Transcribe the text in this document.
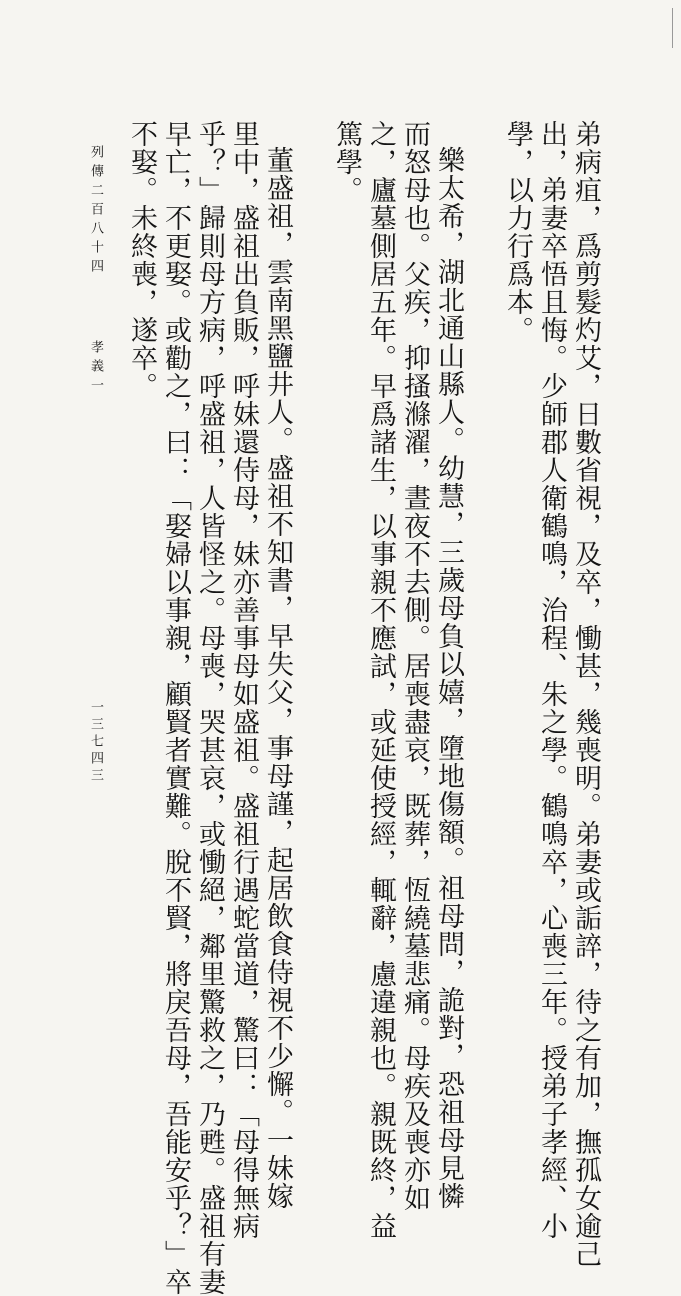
弟病疽，爲剪髮灼艾，日數省視，及卒，慟甚，幾喪明。弟妻或詬誶，待之有加，撫孤女逾己
出，弟妻卒悟且悔。少師郡人衛鶴鳴，治程、朱之學。鶴鳴卒，心喪三年。授弟子孝經、小
學，以力行爲本。
樂太希，湖北通山縣人。幼慧，三歲母負以嬉，墮地傷額。祖母問，詭對，恐祖母見憐
而怒母也。父疾，抑搔滌濯，晝夜不去側。居喪盡哀，既葬，恆繞墓悲痛。母疾及喪亦如
之，廬墓側居五年。早爲諸生，以事親不應試，或延使授經，輒辭，慮違親也。親既終，益
篤學。
董盛祖，雲南黑鹽井人。盛祖不知書，早失父，事母謹，起居飲食侍視不少懈。一妹嫁
里中，盛祖出負販，呼妹還侍母，妹亦善事母如盛祖。盛祖行遇蛇當道，驚曰：「母得無病
乎？」歸則母方病，呼盛祖，人皆怪之。母喪，哭甚哀，或慟絕，鄰里驚救之，乃甦。盛祖有妻
早亡，不更娶。或勸之，曰：「娶婦以事親，顧賢者實難。脫不賢，將戾吾母，吾能安乎？」卒
不娶。未終喪，遂卒。
列傳二百八十四
孝義一
一三七四三
